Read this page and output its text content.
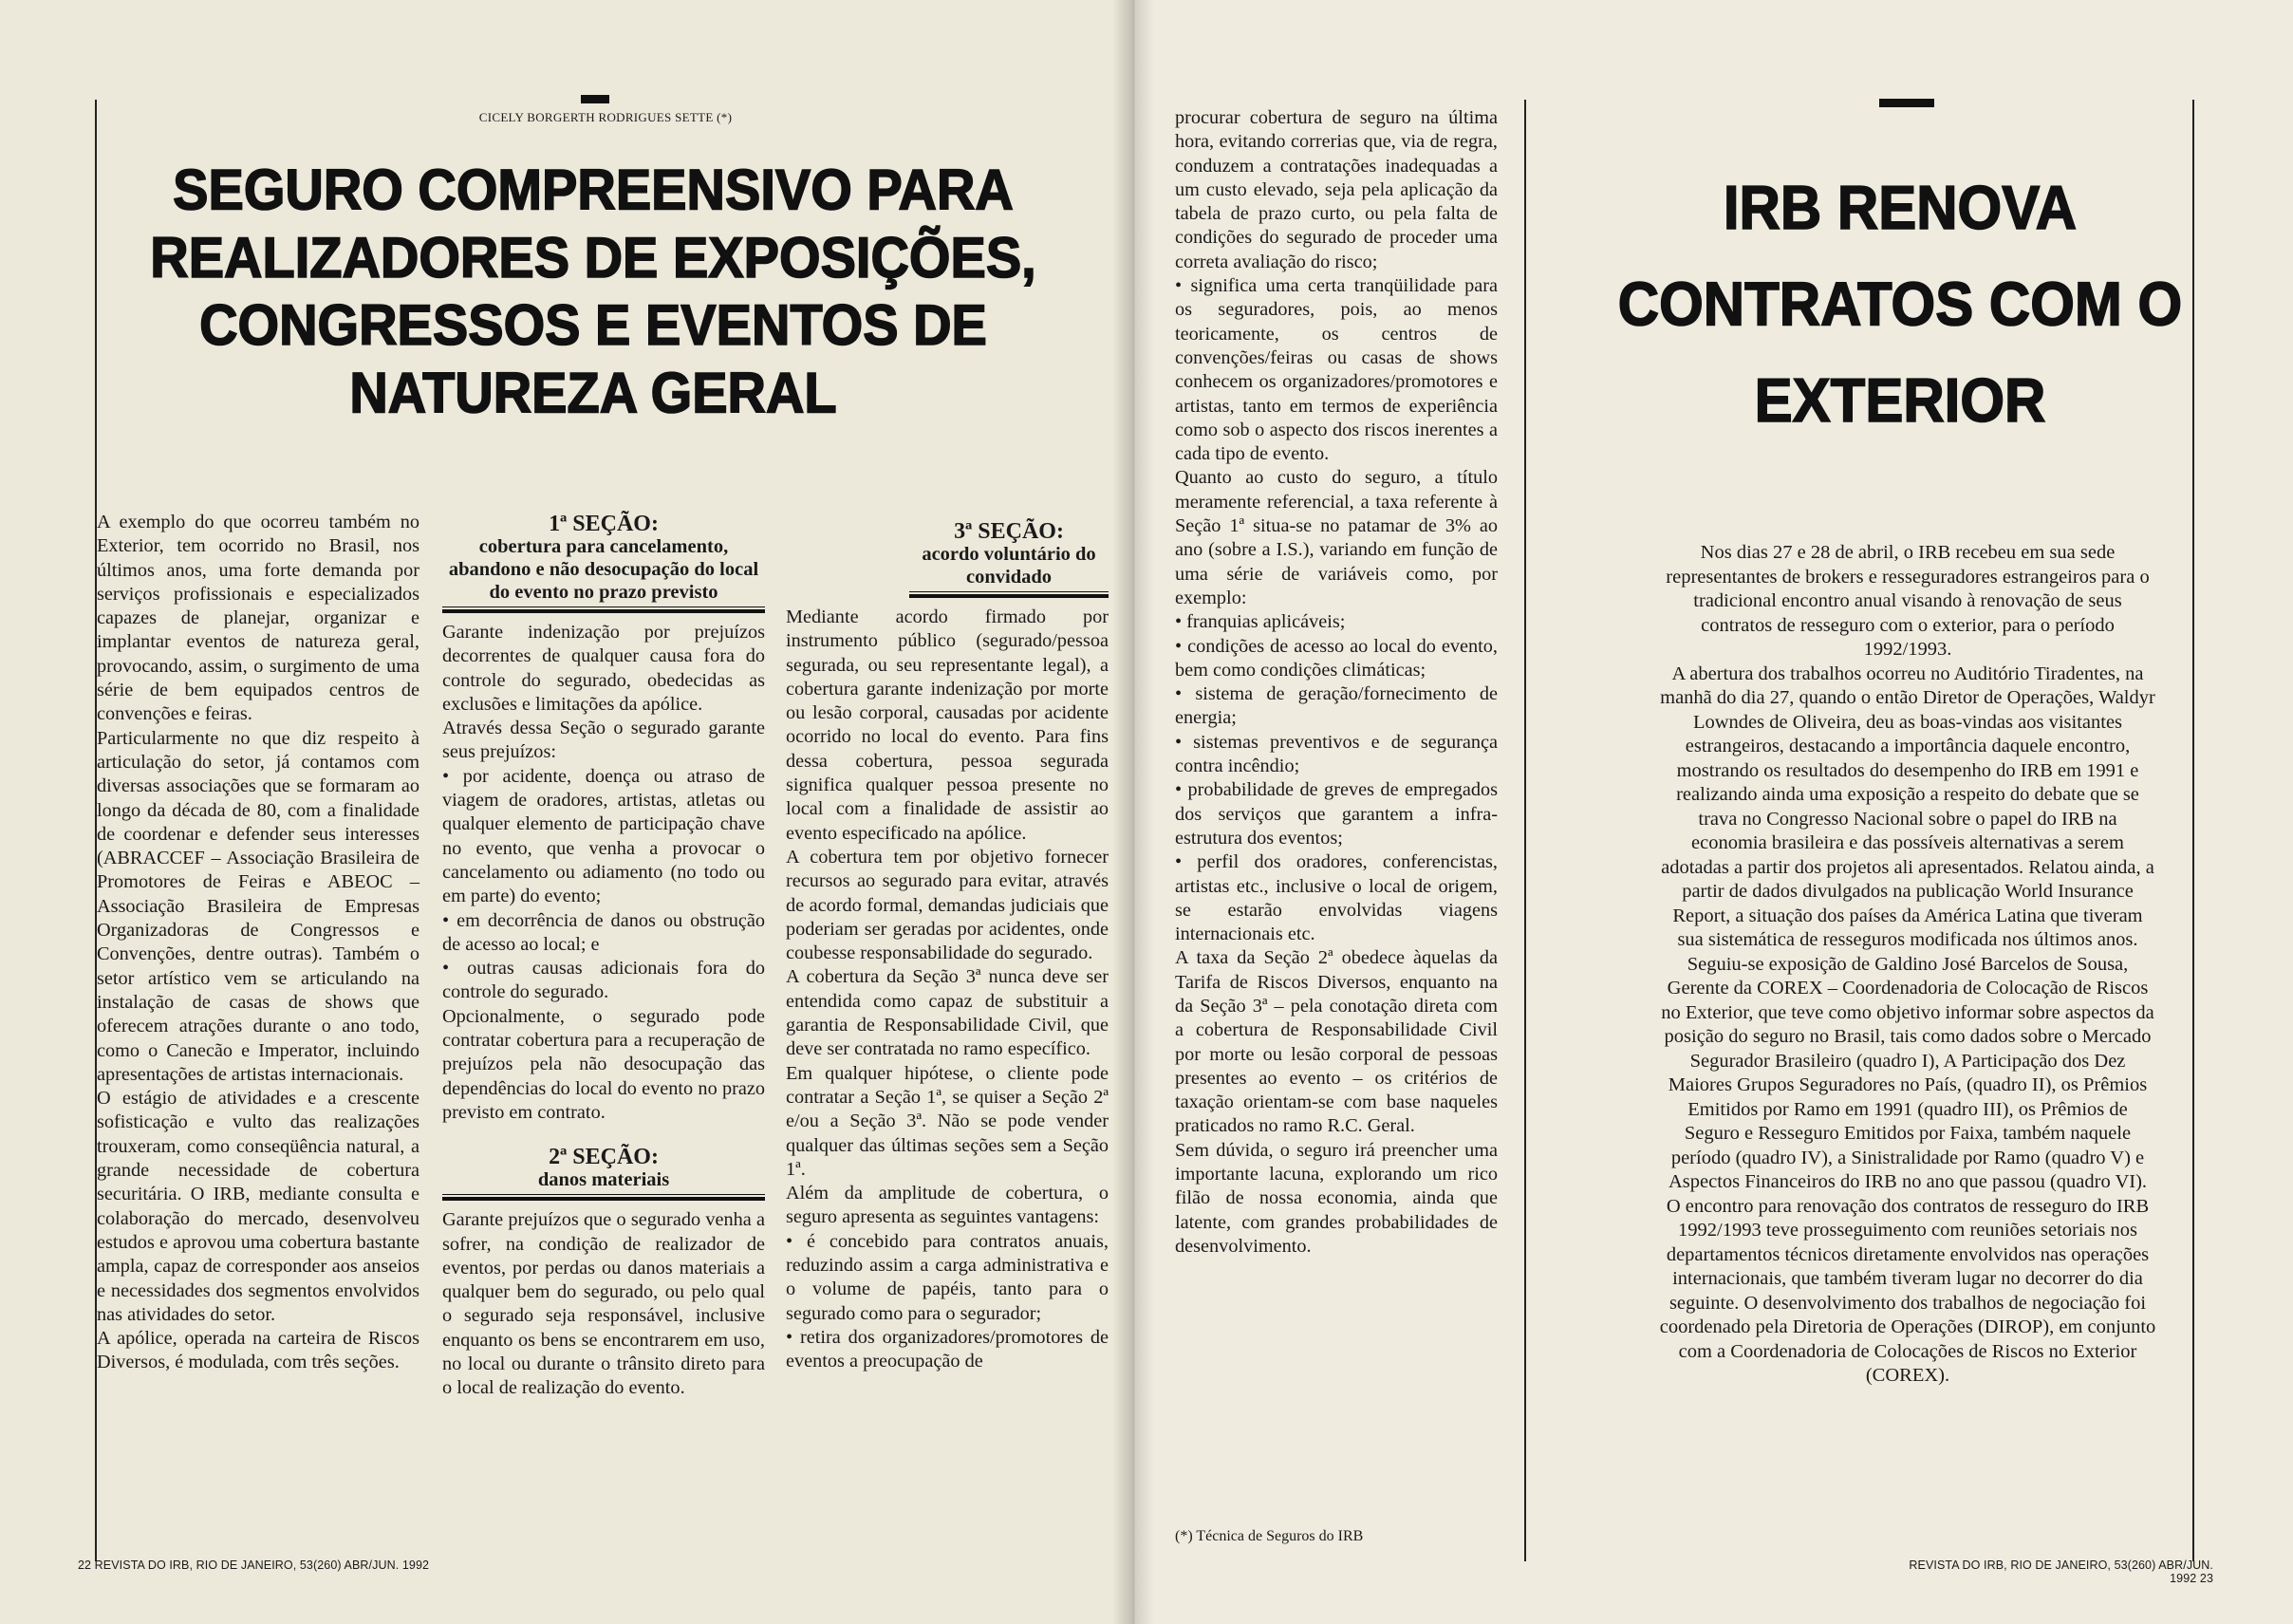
CICELY BORGERTH RODRIGUES SETTE (*)
SEGURO COMPREENSIVO PARA
REALIZADORES DE EXPOSIÇÕES,
CONGRESSOS E EVENTOS DE
NATUREZA GERAL

A exemplo do que ocorreu também no Exterior, tem ocorrido no Brasil, nos últimos anos, uma forte demanda por serviços profissionais e especializados capazes de planejar, organizar e implantar eventos de natureza geral, provocando, assim, o surgimento de uma série de bem equipados centros de convenções e feiras.

Particularmente no que diz respeito à articulação do setor, já contamos com diversas associações que se formaram ao longo da década de 80, com a finalidade de coordenar e defender seus interesses (ABRACCEF – Associação Brasileira de Promotores de Feiras e ABEOC – Associação Brasileira de Empresas Organizadoras de Congressos e Convenções, dentre outras). Também o setor artístico vem se articulando na instalação de casas de shows que oferecem atrações durante o ano todo, como o Canecão e Imperator, incluindo apresentações de artistas internacionais.

O estágio de atividades e a crescente sofisticação e vulto das realizações trouxeram, como conseqüência natural, a grande necessidade de cobertura securitária. O IRB, mediante consulta e colaboração do mercado, desenvolveu estudos e aprovou uma cobertura bastante ampla, capaz de corresponder aos anseios e necessidades dos segmentos envolvidos nas atividades do setor.

A apólice, operada na carteira de Riscos Diversos, é modulada, com três seções.

1ª SEÇÃO:
cobertura para cancelamento, abandono e não desocupação do local do evento no prazo previsto

Garante indenização por prejuízos decorrentes de qualquer causa fora do controle do segurado, obedecidas as exclusões e limitações da apólice.

Através dessa Seção o segurado garante seus prejuízos:

• por acidente, doença ou atraso de viagem de oradores, artistas, atletas ou qualquer elemento de participação chave no evento, que venha a provocar o cancelamento ou adiamento (no todo ou em parte) do evento;

• em decorrência de danos ou obstrução de acesso ao local; e

• outras causas adicionais fora do controle do segurado.

Opcionalmente, o segurado pode contratar cobertura para a recuperação de prejuízos pela não desocupação das dependências do local do evento no prazo previsto em contrato.

2ª SEÇÃO:
danos materiais

Garante prejuízos que o segurado venha a sofrer, na condição de realizador de eventos, por perdas ou danos materiais a qualquer bem do segurado, ou pelo qual o segurado seja responsável, inclusive enquanto os bens se encontrarem em uso, no local ou durante o trânsito direto para o local de realização do evento.

3ª SEÇÃO:
acordo voluntário do convidado

Mediante acordo firmado por instrumento público (segurado/pessoa segurada, ou seu representante legal), a cobertura garante indenização por morte ou lesão corporal, causadas por acidente ocorrido no local do evento. Para fins dessa cobertura, pessoa segurada significa qualquer pessoa presente no local com a finalidade de assistir ao evento especificado na apólice.

A cobertura tem por objetivo fornecer recursos ao segurado para evitar, através de acordo formal, demandas judiciais que poderiam ser geradas por acidentes, onde coubesse responsabilidade do segurado.

A cobertura da Seção 3ª nunca deve ser entendida como capaz de substituir a garantia de Responsabilidade Civil, que deve ser contratada no ramo específico.

Em qualquer hipótese, o cliente pode contratar a Seção 1ª, se quiser a Seção 2ª e/ou a Seção 3ª. Não se pode vender qualquer das últimas seções sem a Seção 1ª.

Além da amplitude de cobertura, o seguro apresenta as seguintes vantagens:

• é concebido para contratos anuais, reduzindo assim a carga administrativa e o volume de papéis, tanto para o segurado como para o segurador;

• retira dos organizadores/promotores de eventos a preocupação de

22 REVISTA DO IRB, RIO DE JANEIRO, 53(260) ABR/JUN. 1992

procurar cobertura de seguro na última hora, evitando correrias que, via de regra, conduzem a contratações inadequadas a um custo elevado, seja pela aplicação da tabela de prazo curto, ou pela falta de condições do segurado de proceder uma correta avaliação do risco;

• significa uma certa tranqüilidade para os seguradores, pois, ao menos teoricamente, os centros de convenções/feiras ou casas de shows conhecem os organizadores/promotores e artistas, tanto em termos de experiência como sob o aspecto dos riscos inerentes a cada tipo de evento.

Quanto ao custo do seguro, a título meramente referencial, a taxa referente à Seção 1ª situa-se no patamar de 3% ao ano (sobre a I.S.), variando em função de uma série de variáveis como, por exemplo:

• franquias aplicáveis;

• condições de acesso ao local do evento, bem como condições climáticas;

• sistema de geração/fornecimento de energia;

• sistemas preventivos e de segurança contra incêndio;

• probabilidade de greves de empregados dos serviços que garantem a infra-estrutura dos eventos;

• perfil dos oradores, conferencistas, artistas etc., inclusive o local de origem, se estarão envolvidas viagens internacionais etc.

A taxa da Seção 2ª obedece àquelas da Tarifa de Riscos Diversos, enquanto na da Seção 3ª – pela conotação direta com a cobertura de Responsabilidade Civil por morte ou lesão corporal de pessoas presentes ao evento – os critérios de taxação orientam-se com base naqueles praticados no ramo R.C. Geral.

Sem dúvida, o seguro irá preencher uma importante lacuna, explorando um rico filão de nossa economia, ainda que latente, com grandes probabilidades de desenvolvimento.

(*) Técnica de Seguros do IRB
IRB RENOVA
CONTRATOS COM O
EXTERIOR

Nos dias 27 e 28 de abril, o IRB recebeu em sua sede representantes de brokers e resseguradores estrangeiros para o tradicional encontro anual visando à renovação de seus contratos de resseguro com o exterior, para o período 1992/1993.

A abertura dos trabalhos ocorreu no Auditório Tiradentes, na manhã do dia 27, quando o então Diretor de Operações, Waldyr Lowndes de Oliveira, deu as boas-vindas aos visitantes estrangeiros, destacando a importância daquele encontro, mostrando os resultados do desempenho do IRB em 1991 e realizando ainda uma exposição a respeito do debate que se trava no Congresso Nacional sobre o papel do IRB na economia brasileira e das possíveis alternativas a serem adotadas a partir dos projetos ali apresentados. Relatou ainda, a partir de dados divulgados na publicação World Insurance Report, a situação dos países da América Latina que tiveram sua sistemática de resseguros modificada nos últimos anos.

Seguiu-se exposição de Galdino José Barcelos de Sousa, Gerente da COREX – Coordenadoria de Colocação de Riscos no Exterior, que teve como objetivo informar sobre aspectos da posição do seguro no Brasil, tais como dados sobre o Mercado Segurador Brasileiro (quadro I), A Participação dos Dez Maiores Grupos Seguradores no País, (quadro II), os Prêmios Emitidos por Ramo em 1991 (quadro III), os Prêmios de Seguro e Resseguro Emitidos por Faixa, também naquele período (quadro IV), a Sinistralidade por Ramo (quadro V) e Aspectos Financeiros do IRB no ano que passou (quadro VI).

O encontro para renovação dos contratos de resseguro do IRB 1992/1993 teve prosseguimento com reuniões setoriais nos departamentos técnicos diretamente envolvidos nas operações internacionais, que também tiveram lugar no decorrer do dia seguinte. O desenvolvimento dos trabalhos de negociação foi coordenado pela Diretoria de Operações (DIROP), em conjunto com a Coordenadoria de Colocações de Riscos no Exterior (COREX).

REVISTA DO IRB, RIO DE JANEIRO, 53(260) ABR/JUN. 1992 23
